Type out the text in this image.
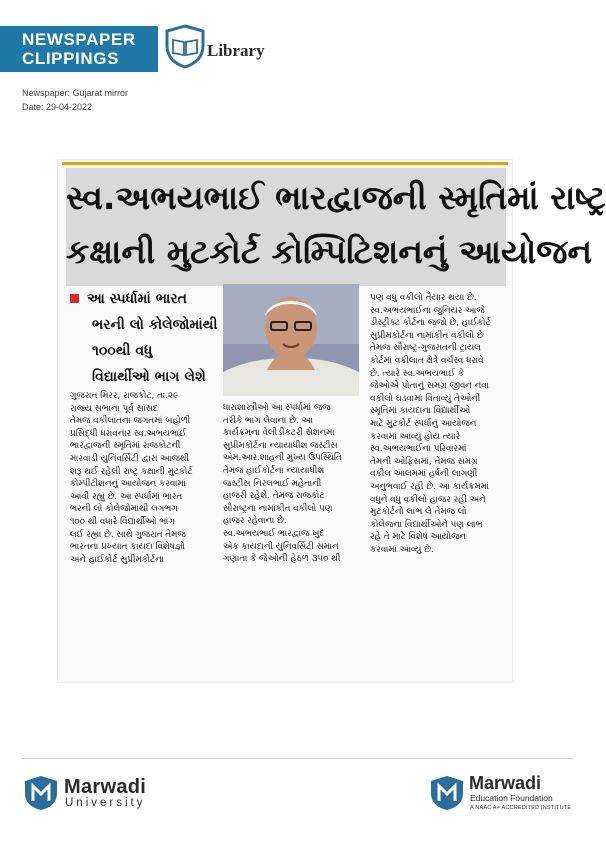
NEWSPAPER
CLIPPINGS	Library
Newspaper: Gujarat mirror
Date: 29-04-2022
સ્વ.અભયભાઈ ભારદ્વાજની સ્મૃતિમાં રાષ્ટ્ર
કક્ષાની મુટકોર્ટ કોમ્પિટિશનનું આયોજન
આ સ્પર્ધામાં ભારત
ભરની લો કોલેજોમાંથી
૧૦૦થી વધુ
વિદ્યાર્થીઓ ભાગ લેશે

ગુજરાત મિરર, રાજકોટ, તા.૨૯

રાજ્ય સભાના પૂર્વ સાંસદ

તેમજ વકીલાતના જગતમાં બહોળી

પ્રસિદ્ધી ધરાવનાર સ્વ.અભયભાઈ

ભારદ્વાજની સ્મૃતિમાં રાજકોટની

મારવાડી યુનિવર્સિટી દ્વારા આજથી

શરૂ થઈ રહેલી રાષ્ટ્ર કક્ષાની મુટકોર્ટ

કોમ્પીટીશનનું આયોજન કરવામાં

આવી રહ્યું છે. આ સ્પર્ધામાં ભારત

ભરની લો કોલેજોમાંથી લગભગ

૧૦૦ થી વધારે વિદ્યાર્થીઓ ભાગ

લઈ રહ્યા છે. સાથે ગુજરાત તેમજ

ભારતના પ્રખ્યાત કાયદા વિશેષજ્ઞો

અને હાઈકોર્ટ સુપ્રીમકોર્ટના

ધારાશાસ્ત્રીઓ આ સ્પર્ધામાં જજ

તરીકે ભાગ લેવાના છે. આ

કાર્યક્રમના વેલીડીકટરી સેશનમાં

સુપ્રીમકોર્ટના ન્યાયાધીશ જસ્ટીસ

એમ.આર.શાહની મુખ્ય ઉપસ્થિતિ

તેમજ હાઈકોર્ટના ન્યાયાધીશ

જસ્ટીસ નિરલભાઈ મહેતાની

હાજરી રહેશે. તેમજ રાજકોટ

સૌરાષ્ટ્રના નામાંકીત વકીલો પણ

હાજર રહેવાના છે.

સ્વ.અભયભાઈ ભારદ્વાજ ખુદ

એક કાયદાની યુનિવર્સિટી સમાન

ગણાતા કે જેઓની હેઠળ ૩૫૦ થી

પણ વધુ વકીલો તૈયાર થયા છે.

સ્વ.અભયભાઈના જુનિયર આજે

ડીસ્ટ્રીક્ટ કોર્ટના જજો છે, હાઈકોર્ટ

સુપ્રીમકોર્ટના નામાંકીત વકીલો છે

તેમજ સૌરાષ્ટ્ર-ગુજરાતની ટ્રાયલ

કોર્ટમાં વકીલાત ક્ષેત્રે વર્ચસ્વ ધરાવે

છે. ત્યારે સ્વ.અભયભાઈ કે

જેઓએ પોતાનું સમગ્ર જીવન નવા

વકીલો ઘડવામાં વિતાવ્યું તેઓની

સ્મૃતિમાં કાયદાના વિદ્યાર્થીઓ

માટે મુટકોર્ટ સ્પર્ધાનું આયોજન

કરવામાં આવ્યું હોય ત્યારે

સ્વ.અભયભાઈના પરિવારમાં

તેમની ઓફિસમાં, તેમજ સમગ્ર

વકીલ આલમમાં હર્ષની લાગણી

અનુભવાઈ રહી છે. આ કાર્યક્રમમાં

વધુને વધુ વકીલો હાજર રહી અને

મુટકોર્ટનો લાભ લે તેમજ લો

કોલેજના વિદ્યાર્થીઓને પણ લાભ

રહે તે માટે વિશેષ આયોજન

કરવામાં આવ્યું છે.

Marwadi
University
Marwadi
Education Foundation
A NAAC A+ ACCREDITED INSTITUTE
